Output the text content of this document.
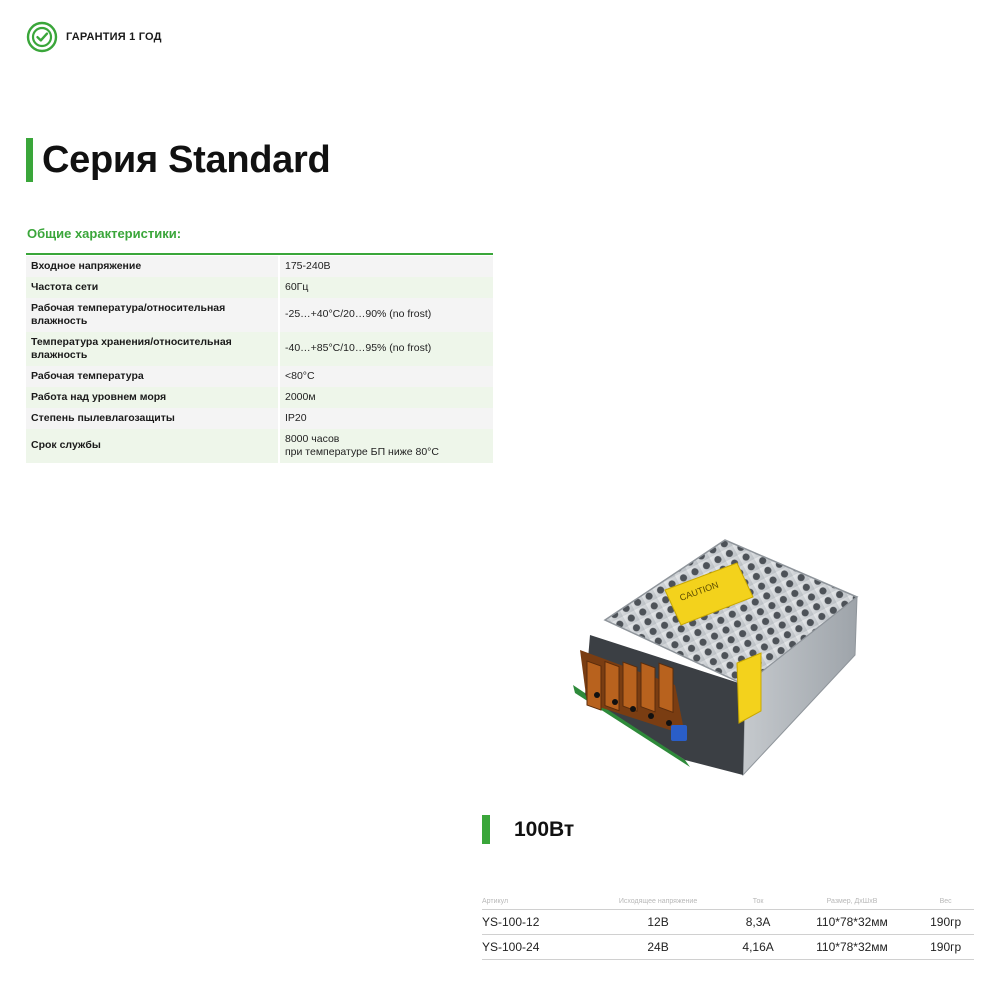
ГАРАНТИЯ 1 ГОД
Серия Standard
Общие характеристики:
Входное напряжение	175-240В
Частота сети	60Гц
Рабочая температура/относительная влажность	-25…+40°C/20…90% (no frost)
Температура хранения/относительная влажность	-40…+85°C/10…95% (no frost)
Рабочая температура	<80°C
Работа над уровнем моря	2000м
Степень пылевлагозащиты	IP20
Срок службы	8000 часов
при температуре БП ниже 80°C
CAUTION
100Вт
Артикул	Исходящее напряжение	Ток	Размер, ДхШхВ	Вес
YS-100-12	12В	8,3А	110*78*32мм	190гр
YS-100-24	24В	4,16А	110*78*32мм	190гр
